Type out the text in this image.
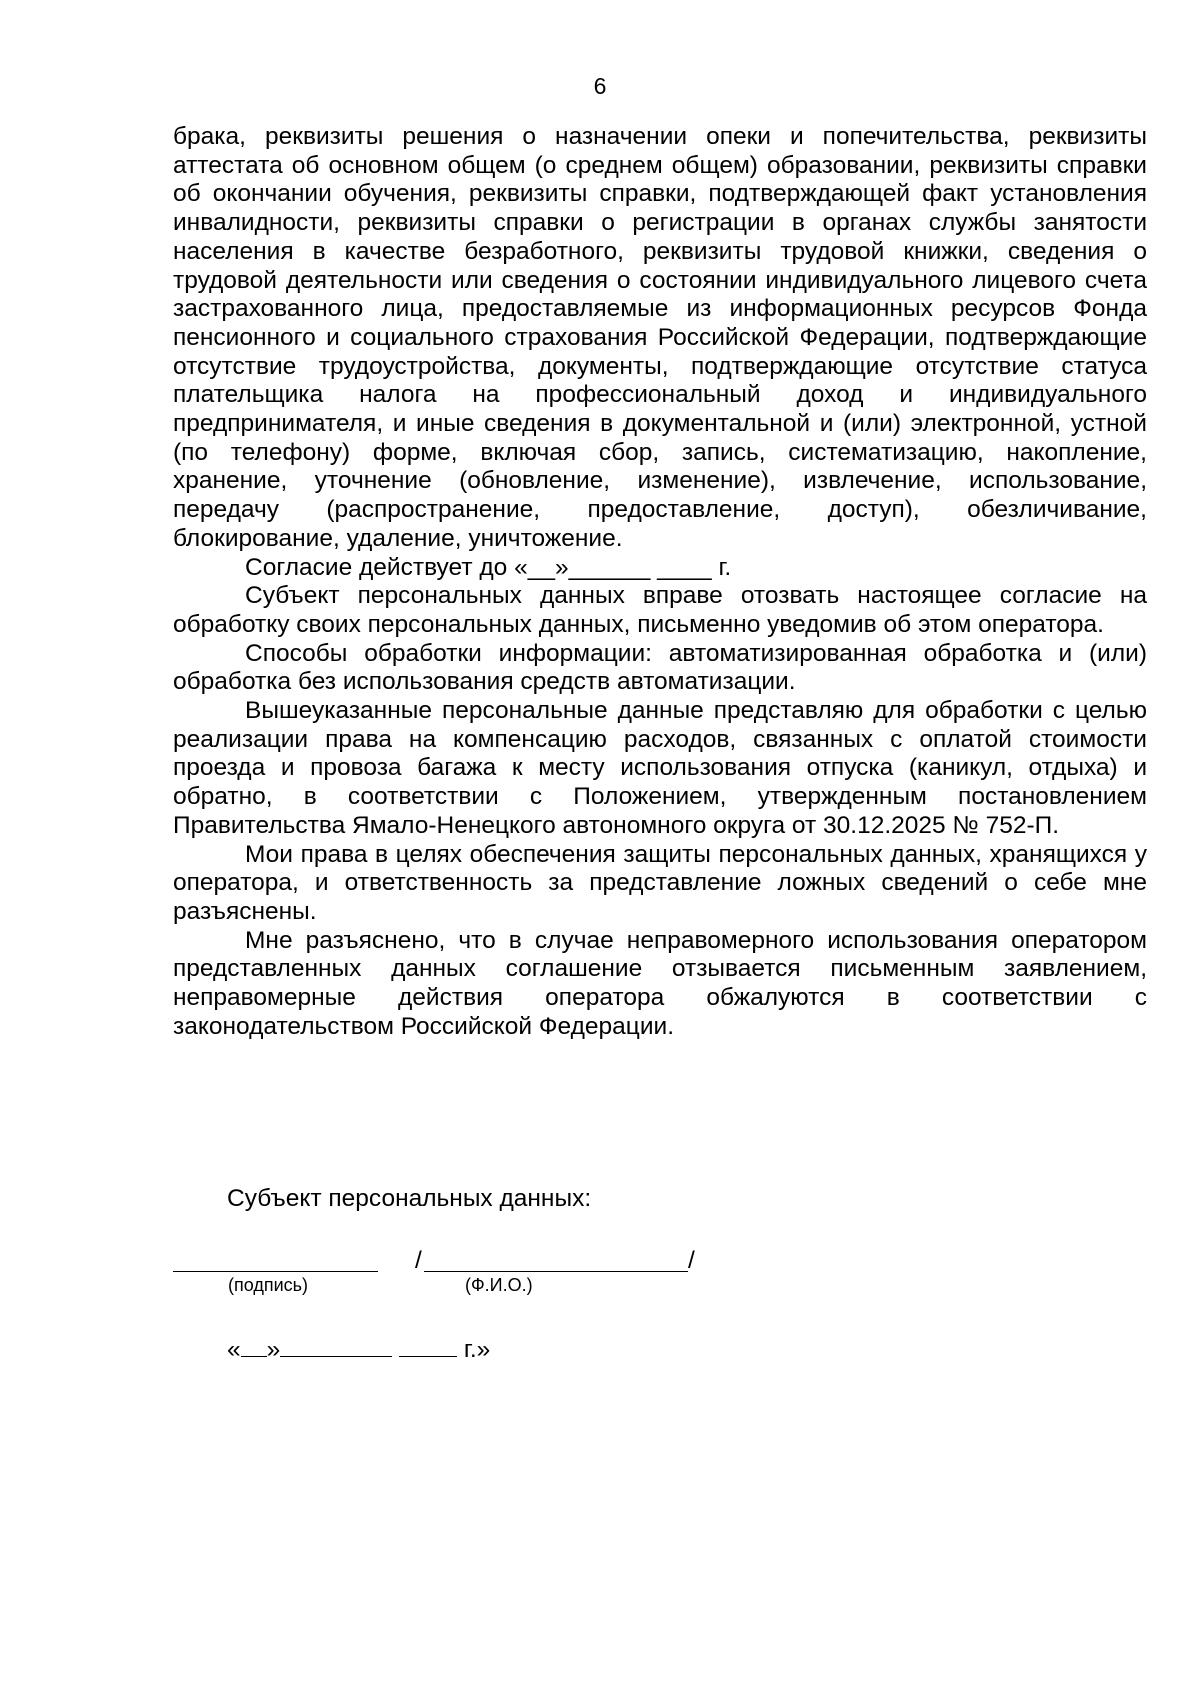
6

брака, реквизиты решения о назначении опеки и попечительства, реквизиты аттестата об основном общем (о среднем общем) образовании, реквизиты справки об окончании обучения, реквизиты справки, подтверждающей факт установления инвалидности, реквизиты справки о регистрации в органах службы занятости населения в качестве безработного, реквизиты трудовой книжки, сведения о трудовой деятельности или сведения о состоянии индивидуального лицевого счета застрахованного лица, предоставляемые из информационных ресурсов Фонда пенсионного и социального страхования Российской Федерации, подтверждающие отсутствие трудоустройства, документы, подтверждающие отсутствие статуса плательщика налога на профессиональный доход и индивидуального предпринимателя, и иные сведения в документальной и (или) электронной, устной (по телефону) форме, включая сбор, запись, систематизацию, накопление, хранение, уточнение (обновление, изменение), извлечение, использование, передачу (распространение, предоставление, доступ), обезличивание, блокирование, удаление, уничтожение.

Согласие действует до «__»______ ____ г.

Субъект персональных данных вправе отозвать настоящее согласие на обработку своих персональных данных, письменно уведомив об этом оператора.

Способы обработки информации: автоматизированная обработка и (или) обработка без использования средств автоматизации.

Вышеуказанные персональные данные представляю для обработки с целью реализации права на компенсацию расходов, связанных с оплатой стоимости проезда и провоза багажа к месту использования отпуска (каникул, отдыха) и обратно, в соответствии с Положением, утвержденным постановлением Правительства Ямало-Ненецкого автономного округа от 30.12.2025 № 752-П.

Мои права в целях обеспечения защиты персональных данных, хранящихся у оператора, и ответственность за представление ложных сведений о себе мне разъяснены.

Мне разъяснено, что в случае неправомерного использования оператором представленных данных соглашение отзывается письменным заявлением, неправомерные действия оператора обжалуются в соответствии с законодательством Российской Федерации.

Субъект персональных данных:
/	/
(подпись)	(Ф.И.О.)
« »	г.»
